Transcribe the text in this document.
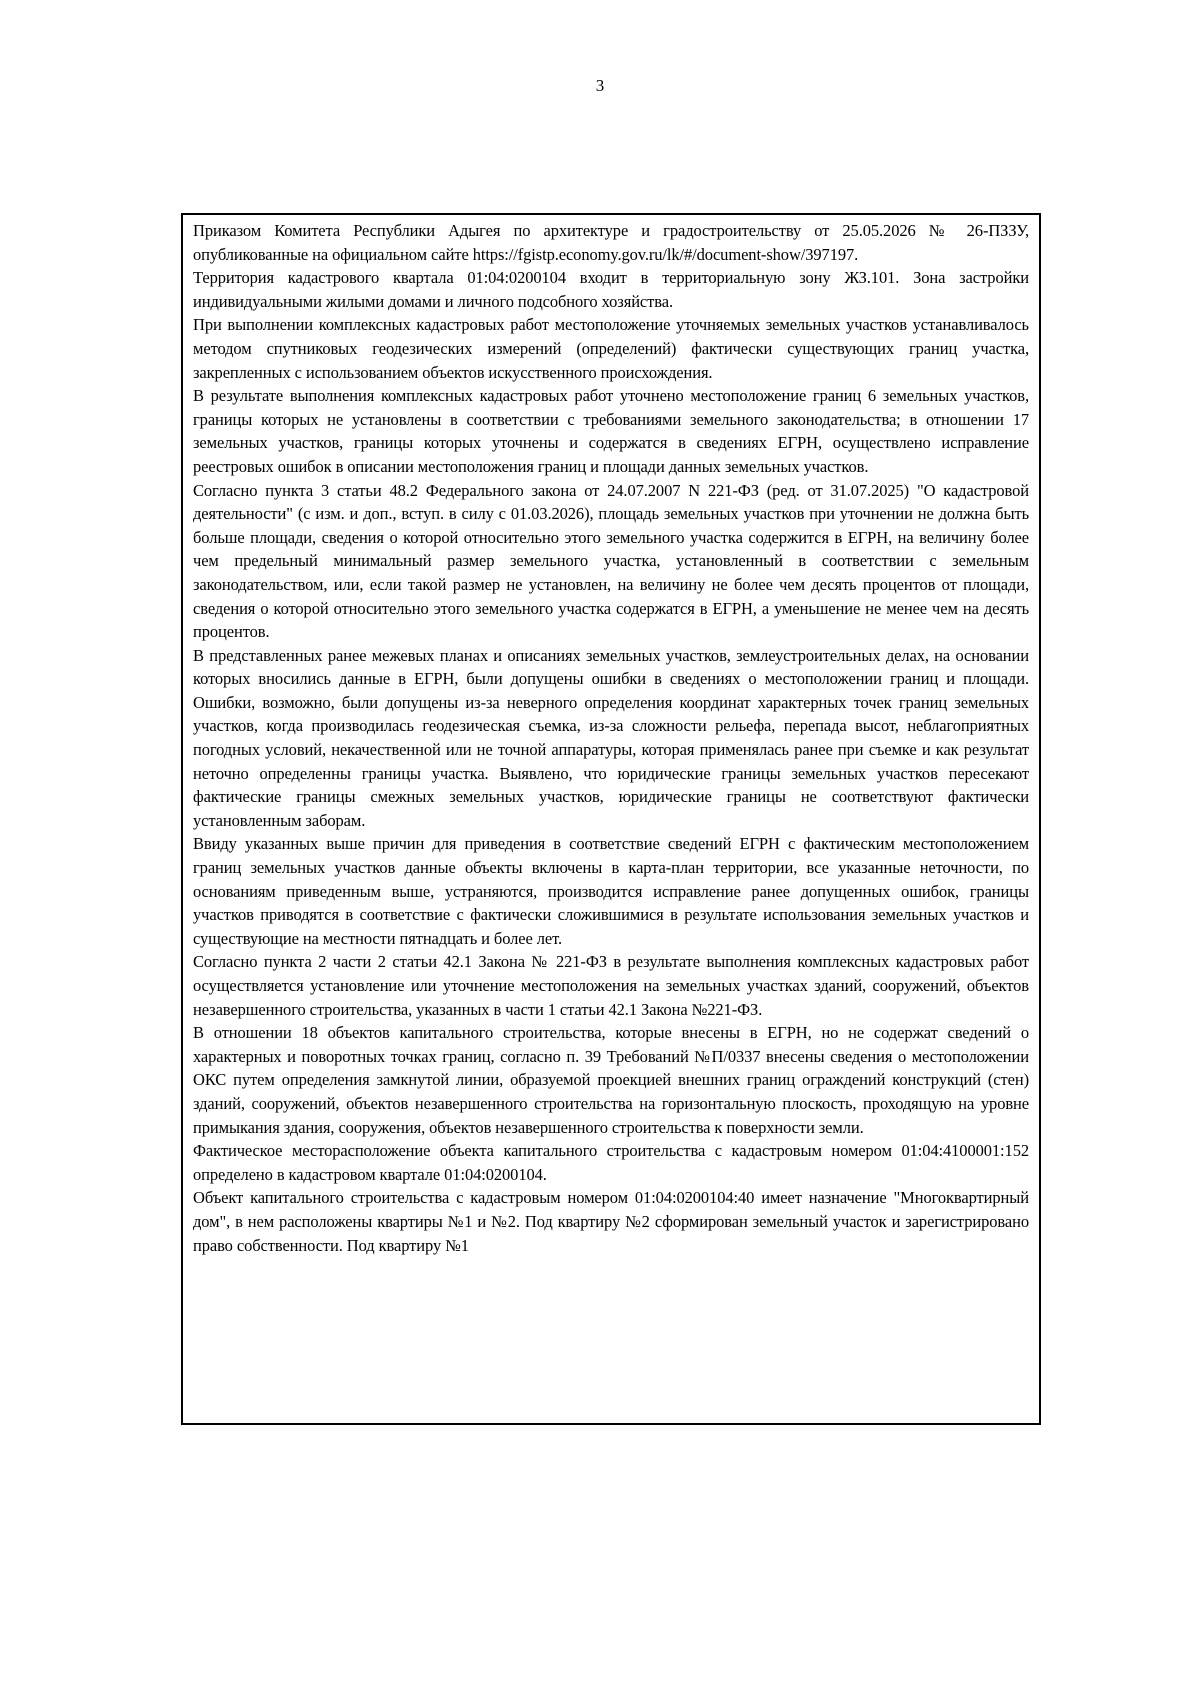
3

Приказом Комитета Республики Адыгея по архитектуре и градостроительству от 25.05.2026 № 26-ПЗЗУ, опубликованные на официальном сайте https://fgistp.economy.gov.ru/lk/#/document-show/397197.

Территория кадастрового квартала 01:04:0200104 входит в территориальную зону ЖЗ.101. Зона застройки индивидуальными жилыми домами и личного подсобного хозяйства.

При выполнении комплексных кадастровых работ местоположение уточняемых земельных участков устанавливалось методом спутниковых геодезических измерений (определений) фактически существующих границ участка, закрепленных с использованием объектов искусственного происхождения.

В результате выполнения комплексных кадастровых работ уточнено местоположение границ 6 земельных участков, границы которых не установлены в соответствии с требованиями земельного законодательства; в отношении 17 земельных участков, границы которых уточнены и содержатся в сведениях ЕГРН, осуществлено исправление реестровых ошибок в описании местоположения границ и площади данных земельных участков.

Согласно пункта 3 статьи 48.2 Федерального закона от 24.07.2007 N 221-ФЗ (ред. от 31.07.2025) "О кадастровой деятельности" (с изм. и доп., вступ. в силу с 01.03.2026), площадь земельных участков при уточнении не должна быть больше площади, сведения о которой относительно этого земельного участка содержится в ЕГРН, на величину более чем предельный минимальный размер земельного участка, установленный в соответствии с земельным законодательством, или, если такой размер не установлен, на величину не более чем десять процентов от площади, сведения о которой относительно этого земельного участка содержатся в ЕГРН, а уменьшение не менее чем на десять процентов.

В представленных ранее межевых планах и описаниях земельных участков, землеустроительных делах, на основании которых вносились данные в ЕГРН, были допущены ошибки в сведениях о местоположении границ и площади. Ошибки, возможно, были допущены из-за неверного определения координат характерных точек границ земельных участков, когда производилась геодезическая съемка, из-за сложности рельефа, перепада высот, неблагоприятных погодных условий, некачественной или не точной аппаратуры, которая применялась ранее при съемке и как результат неточно определенны границы участка. Выявлено, что юридические границы земельных участков пересекают фактические границы смежных земельных участков, юридические границы не соответствуют фактически установленным заборам.

Ввиду указанных выше причин для приведения в соответствие сведений ЕГРН с фактическим местоположением границ земельных участков данные объекты включены в карта-план территории, все указанные неточности, по основаниям приведенным выше, устраняются, производится исправление ранее допущенных ошибок, границы участков приводятся в соответствие с фактически сложившимися в результате использования земельных участков и существующие на местности пятнадцать и более лет.

Согласно пункта 2 части 2 статьи 42.1 Закона № 221-ФЗ в результате выполнения комплексных кадастровых работ осуществляется установление или уточнение местоположения на земельных участках зданий, сооружений, объектов незавершенного строительства, указанных в части 1 статьи 42.1 Закона №221-ФЗ.

В отношении 18 объектов капитального строительства, которые внесены в ЕГРН, но не содержат сведений о характерных и поворотных точках границ, согласно п. 39 Требований №П/0337 внесены сведения о местоположении ОКС путем определения замкнутой линии, образуемой проекцией внешних границ ограждений конструкций (стен) зданий, сооружений, объектов незавершенного строительства на горизонтальную плоскость, проходящую на уровне примыкания здания, сооружения, объектов незавершенного строительства к поверхности земли.

Фактическое месторасположение объекта капитального строительства с кадастровым номером 01:04:4100001:152 определено в кадастровом квартале 01:04:0200104.

Объект капитального строительства с кадастровым номером 01:04:0200104:40 имеет назначение "Многоквартирный дом", в нем расположены квартиры №1 и №2. Под квартиру №2 сформирован земельный участок и зарегистрировано право собственности. Под квартиру №1
